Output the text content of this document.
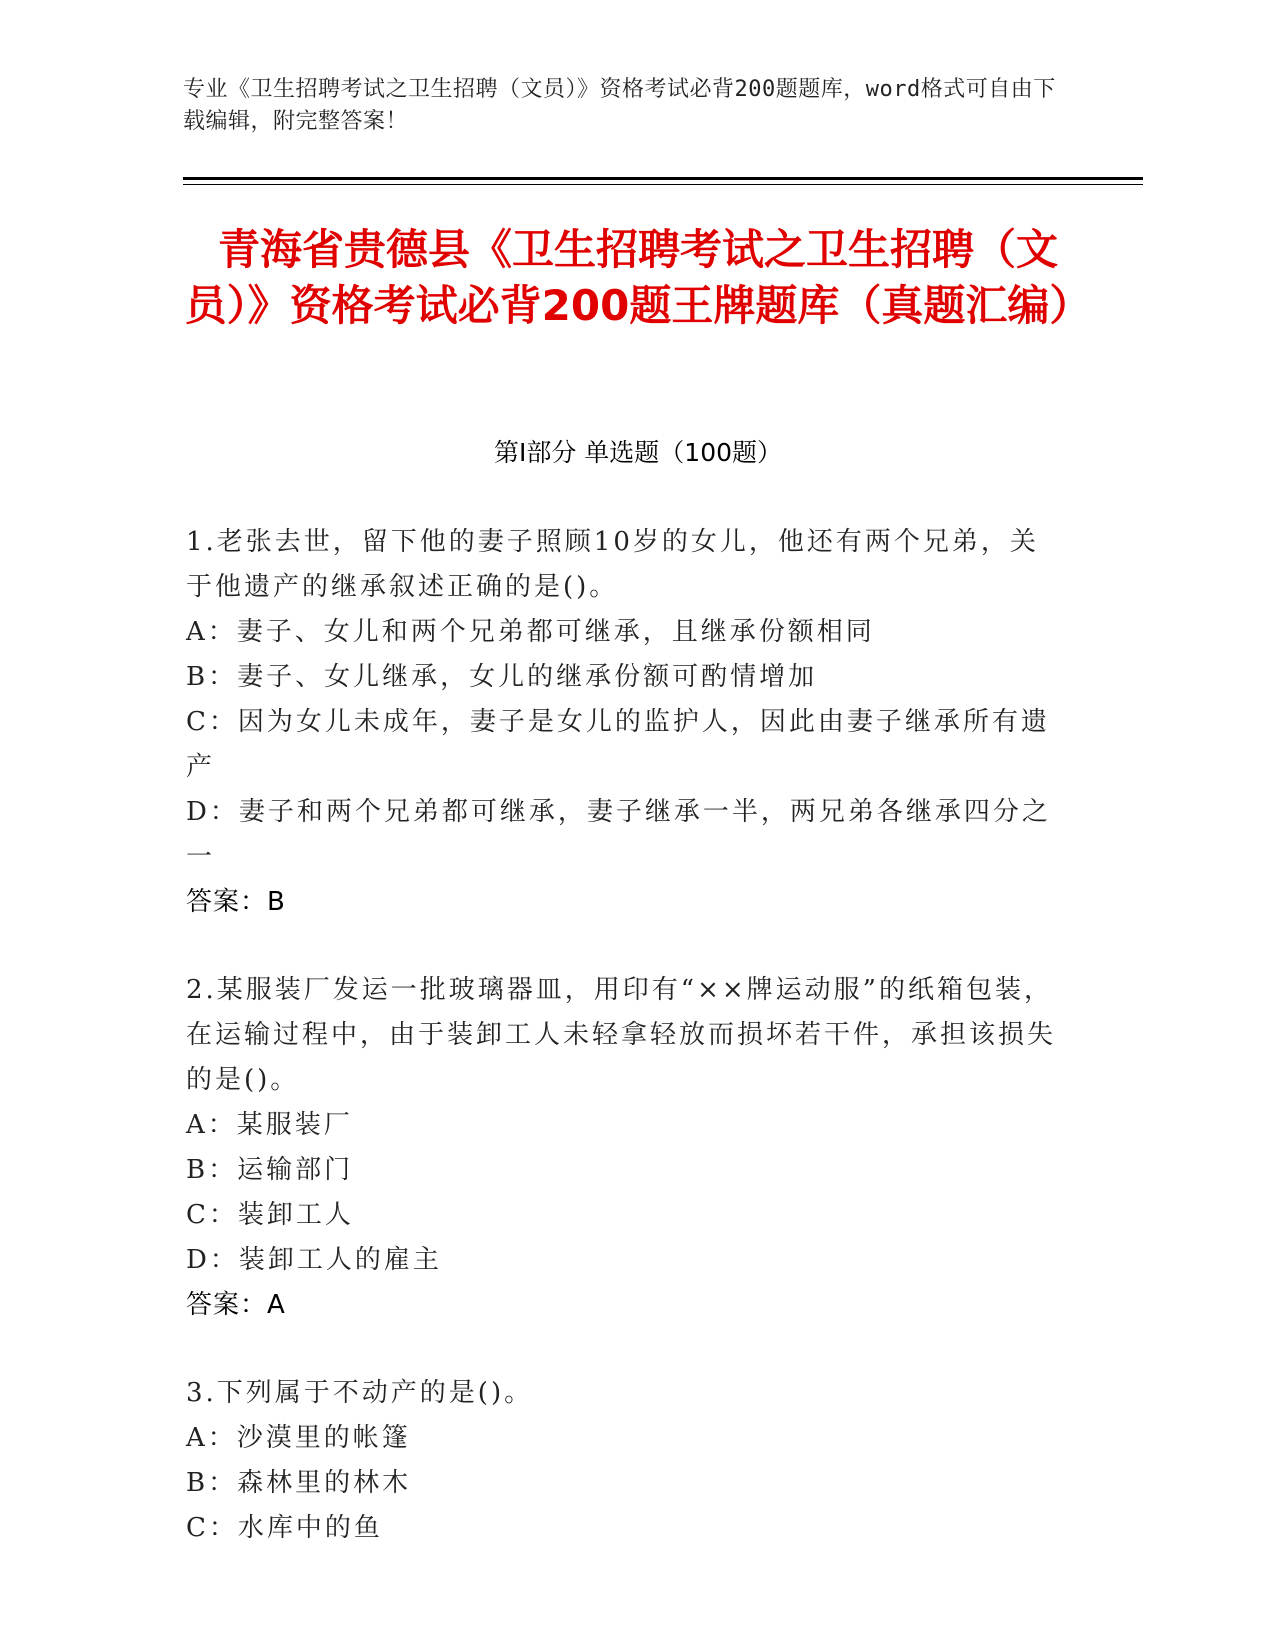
专业《卫生招聘考试之卫生招聘（文员）》资格考试必背200题题库，word格式可自由下载编辑，附完整答案！
青海省贵德县《卫生招聘考试之卫生招聘（文员）》资格考试必背200题王牌题库（真题汇编）
第I部分 单选题（100题）
1.老张去世，留下他的妻子照顾10岁的女儿，他还有两个兄弟，关于他遗产的继承叙述正确的是()。
A：妻子、女儿和两个兄弟都可继承，且继承份额相同
B：妻子、女儿继承，女儿的继承份额可酌情增加
C：因为女儿未成年，妻子是女儿的监护人，因此由妻子继承所有遗产
D：妻子和两个兄弟都可继承，妻子继承一半，两兄弟各继承四分之一
答案：B
2.某服装厂发运一批玻璃器皿，用印有“××牌运动服”的纸箱包装，在运输过程中，由于装卸工人未轻拿轻放而损坏若干件，承担该损失的是()。
A：某服装厂
B：运输部门
C：装卸工人
D：装卸工人的雇主
答案：A
3.下列属于不动产的是()。
A：沙漠里的帐篷
B：森林里的林木
C：水库中的鱼
